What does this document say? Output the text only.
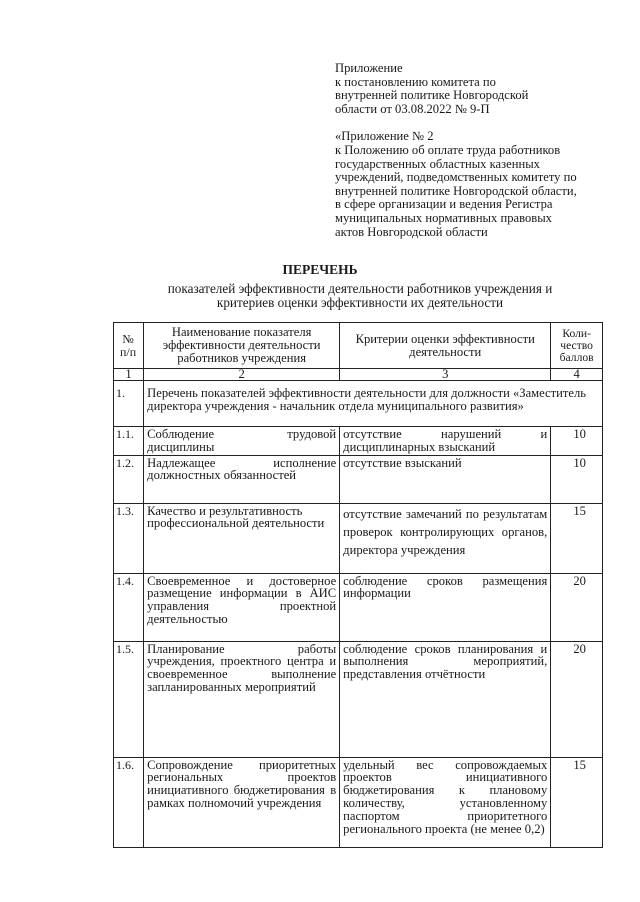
Приложение
к постановлению комитета по
внутренней политике Новгородской
области от 03.08.2022 № 9-П
«Приложение № 2
к Положению об оплате труда работников
государственных областных казенных
учреждений, подведомственных комитету по
внутренней политике Новгородской области,
в сфере организации и ведения Регистра
муниципальных нормативных правовых
актов Новгородской области
ПЕРЕЧЕНЬ
показателей эффективности деятельности работников учреждения и
критериев оценки эффективности их деятельности
№ п/п	Наименование показателя эффективности деятельности работников учреждения	Критерии оценки эффективности деятельности	Коли-чество баллов
1	2	3	4
1.	Перечень показателей эффективности деятельности для должности «Заместитель директора учреждения - начальник отдела муниципального развития»		
1.1.	Соблюдение трудовой дисциплины	отсутствие нарушений и дисциплинарных взысканий	10
1.2.	Надлежащее исполнение должностных обязанностей	отсутствие взысканий	10
1.3.	Качество и результативность профессиональной деятельности	отсутствие замечаний по результатам проверок контролирующих органов, директора учреждения	15
1.4.	Своевременное и достоверное размещение информации в АИС управления проектной деятельностью	соблюдение сроков размещения информации	20
1.5.	Планирование работы учреждения, проектного центра и своевременное выполнение запланированных мероприятий	соблюдение сроков планирования и выполнения мероприятий, представления отчётности	20
1.6.	Сопровождение приоритетных региональных проектов инициативного бюджетирования в рамках полномочий учреждения	удельный вес сопровождаемых проектов инициативного бюджетирования к плановому количеству, установленному паспортом приоритетного регионального проекта (не менее 0,2)	15
